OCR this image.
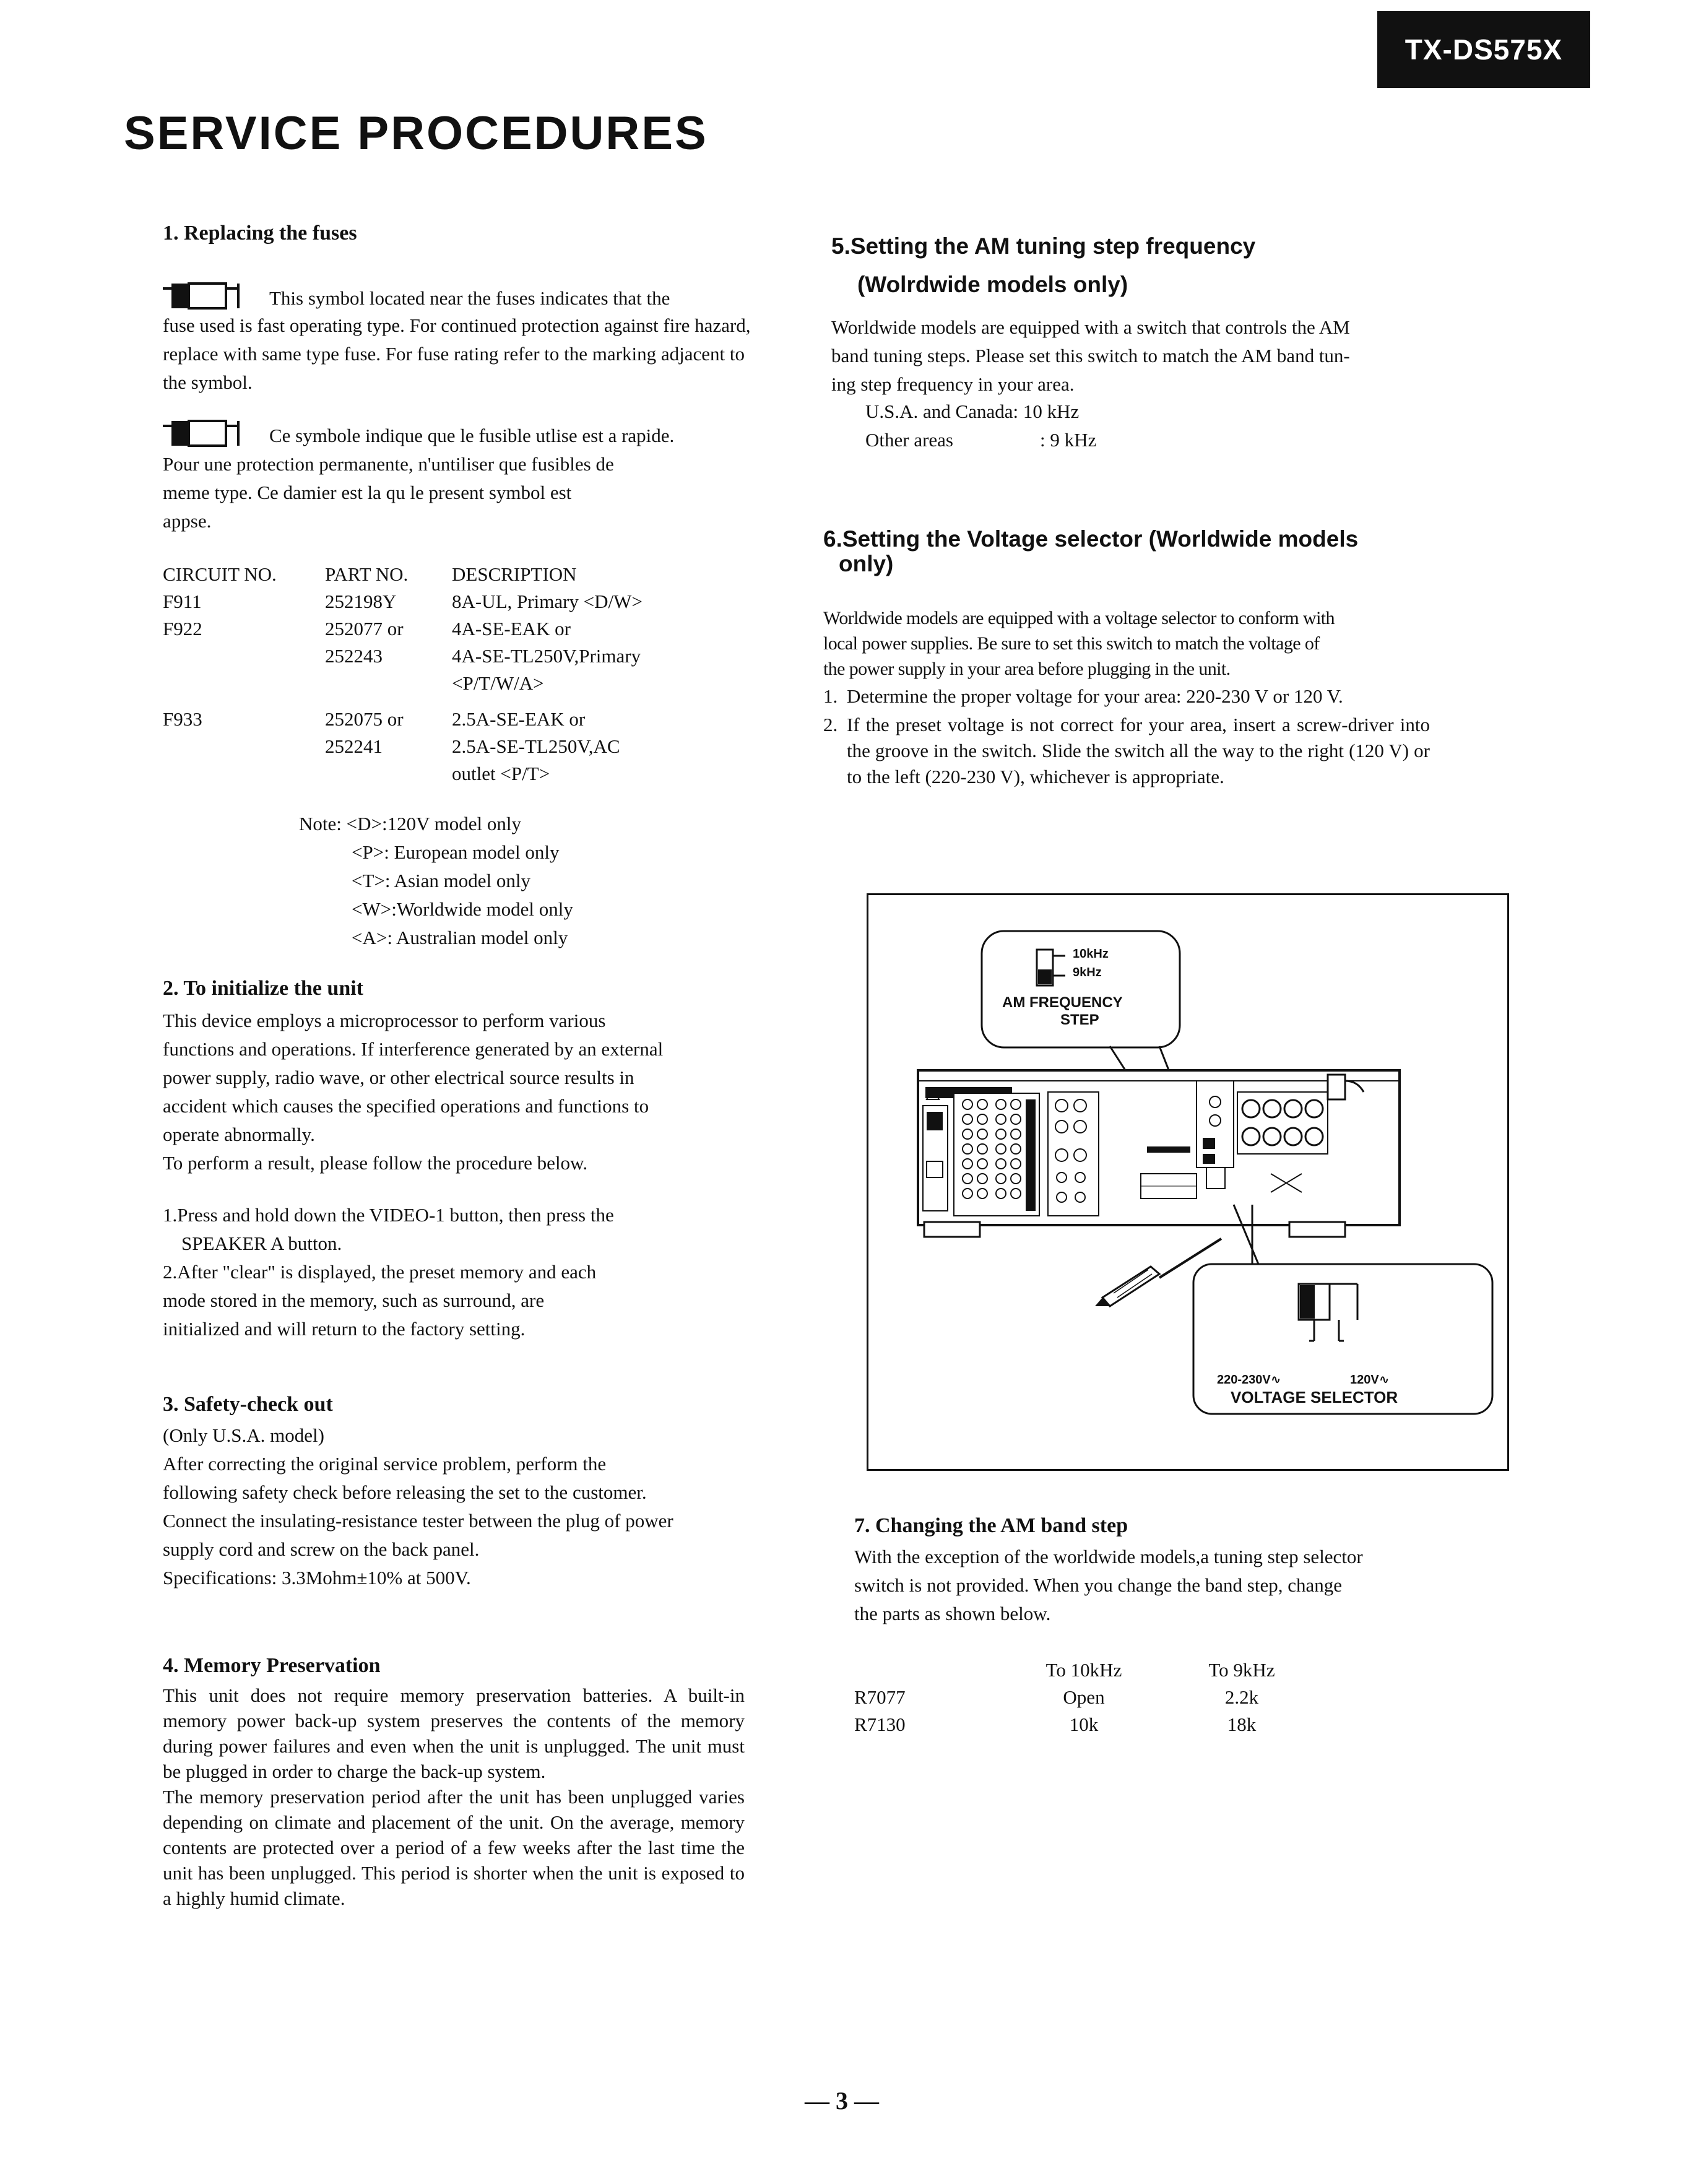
TX-DS575X
SERVICE PROCEDURES
1. Replacing the fuses

This symbol located near the fuses indicates that the

fuse used is fast operating type. For continued protection against fire hazard, replace with same type fuse. For fuse rating refer to the marking adjacent to the symbol.

Ce symbole indique que le fusible utlise est a rapide.

Pour une protection permanente, n'untiliser que fusibles de

meme type. Ce damier est la qu le present symbol est

appse.

CIRCUIT NO.	PART NO.	DESCRIPTION
F911	252198Y	8A-UL, Primary <D/W>
F922	252077 or	4A-SE-EAK or
	252243	4A-SE-TL250V,Primary
		<P/T/W/A>
F933	252075 or	2.5A-SE-EAK or
	252241	2.5A-SE-TL250V,AC
		outlet <P/T>
Note: <D>:120V model only

<P>: European model only

<T>: Asian model only

<W>:Worldwide model only

<A>: Australian model only

2. To initialize the unit

This device employs a microprocessor to perform various

functions and operations. If interference generated by an external

power supply, radio wave, or other electrical source results in

accident which causes the specified operations and functions to

operate abnormally.

To perform a result, please follow the procedure below.

1.Press and hold down the VIDEO-1 button, then press the

SPEAKER A button.

2.After "clear" is displayed, the preset memory and each

mode stored in the memory, such as surround, are

initialized and will return to the factory setting.

3. Safety-check out

(Only U.S.A. model)

After correcting the original service problem, perform the

following safety check before releasing the set to the customer.

Connect the insulating-resistance tester between the plug of power

supply cord and screw on the back panel.

Specifications: 3.3Mohm±10% at 500V.

4. Memory Preservation

This unit does not require memory preservation batteries. A built-in memory power back-up system preserves the contents of the memory during power failures and even when the unit is unplugged. The unit must be plugged in order to charge the back-up system.

The memory preservation period after the unit has been unplugged varies depending on climate and placement of the unit. On the average, memory contents are protected over a period of a few weeks after the last time the unit has been unplugged. This period is shorter when the unit is exposed to a highly humid climate.

5.Setting the AM tuning step frequency
(Wolrdwide models only)

Worldwide models are equipped with a switch that controls the AM

band tuning steps. Please set this switch to match the AM band tun-

ing step frequency in your area.

U.S.A. and Canada: 10 kHz

Other areas	: 9 kHz

6.Setting the Voltage selector (Worldwide models
only)

Worldwide models are equipped with a voltage selector to conform with

local power supplies. Be sure to set this switch to match the voltage of

the power supply in your area before plugging in the unit.

1. Determine the proper voltage for your area: 220-230 V or 120 V.
2. If the preset voltage is not correct for your area, insert a screw-driver into the groove in the switch. Slide the switch all the way to the right (120 V) or to the left (220-230 V), whichever is appropriate.
10kHz
9kHz
AM FREQUENCY
STEP
220-230V∿	120V∿
VOLTAGE SELECTOR
7. Changing the AM band step

With the exception of the worldwide models,a tuning step selector

switch is not provided. When you change the band step, change

the parts as shown below.

	To 10kHz	To 9kHz
R7077	Open	2.2k
R7130	10k	18k
— 3 —
